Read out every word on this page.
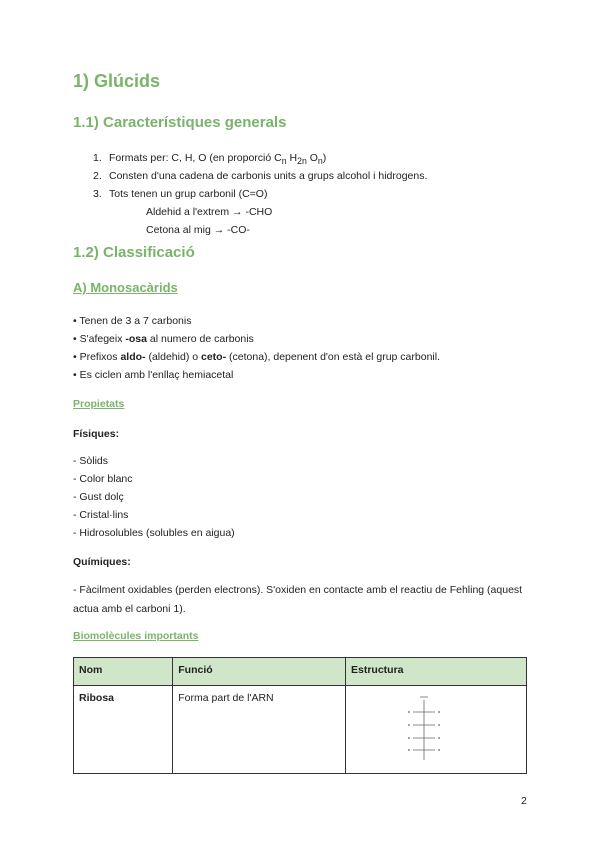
1) Glúcids
1.1) Característiques generals
1. Formats per: C, H, O (en proporció $C_n$ $H_{2n}$ $O_n$)
2. Consten d'una cadena de carbonis units a grups alcohol i hidrogens.
3. Tots tenen un grup carbonil (C=O)
Aldehid a l'extrem → -CHO
Cetona al mig → -CO-
1.2) Classificació
A) Monosacàrids
• Tenen de 3 a 7 carbonis
• S'afegeix -osa al numero de carbonis
• Prefixos aldo- (aldehid) o ceto- (cetona), depenent d'on està el grup carbonil.
• Es ciclen amb l'enllaç hemiacetal
Propietats
Físiques:
- Sòlids
- Color blanc
- Gust dolç
- Cristal·lins
- Hidrosolubles (solubles en aigua)
Químiques:

- Fàcilment oxidables (perden electrons). S'oxiden en contacte amb el reactiu de Fehling (aquest actua amb el carboni 1).

Biomolècules importants
Nom	Funció	Estructura
Ribosa	Forma part de l'ARN	
2
